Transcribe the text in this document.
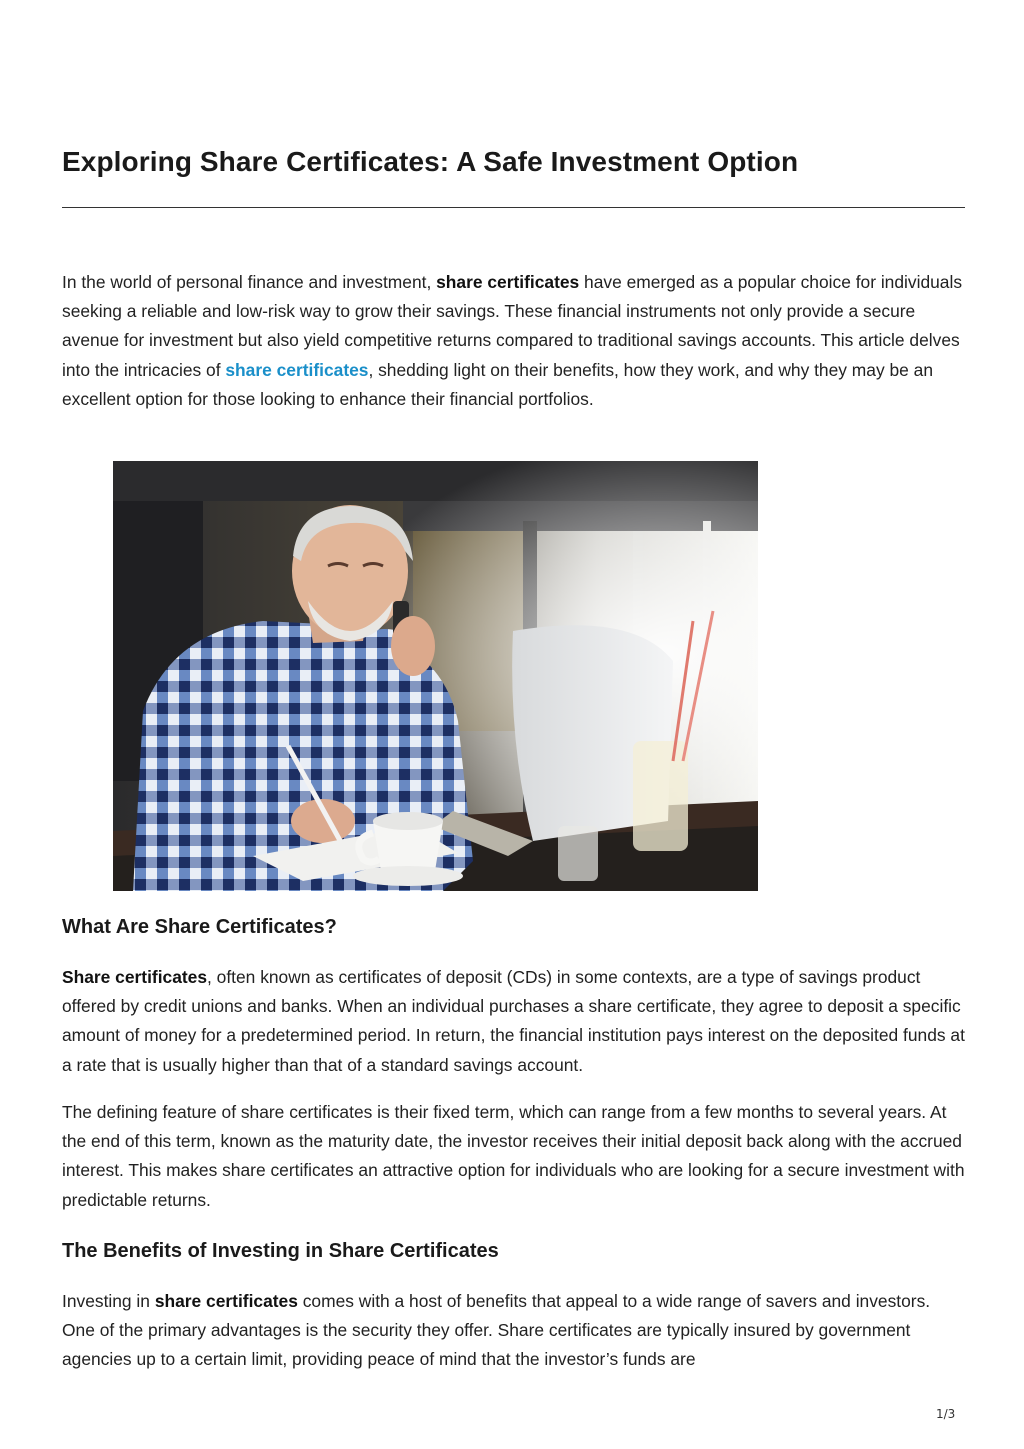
Exploring Share Certificates: A Safe Investment Option

In the world of personal finance and investment, share certificates have emerged as a popular choice for individuals seeking a reliable and low-risk way to grow their savings. These financial instruments not only provide a secure avenue for investment but also yield competitive returns compared to traditional savings accounts. This article delves into the intricacies of share certificates, shedding light on their benefits, how they work, and why they may be an excellent option for those looking to enhance their financial portfolios.

What Are Share Certificates?

Share certificates, often known as certificates of deposit (CDs) in some contexts, are a type of savings product offered by credit unions and banks. When an individual purchases a share certificate, they agree to deposit a specific amount of money for a predetermined period. In return, the financial institution pays interest on the deposited funds at a rate that is usually higher than that of a standard savings account.

The defining feature of share certificates is their fixed term, which can range from a few months to several years. At the end of this term, known as the maturity date, the investor receives their initial deposit back along with the accrued interest. This makes share certificates an attractive option for individuals who are looking for a secure investment with predictable returns.

The Benefits of Investing in Share Certificates

Investing in share certificates comes with a host of benefits that appeal to a wide range of savers and investors. One of the primary advantages is the security they offer. Share certificates are typically insured by government agencies up to a certain limit, providing peace of mind that the investor’s funds are

1/3
